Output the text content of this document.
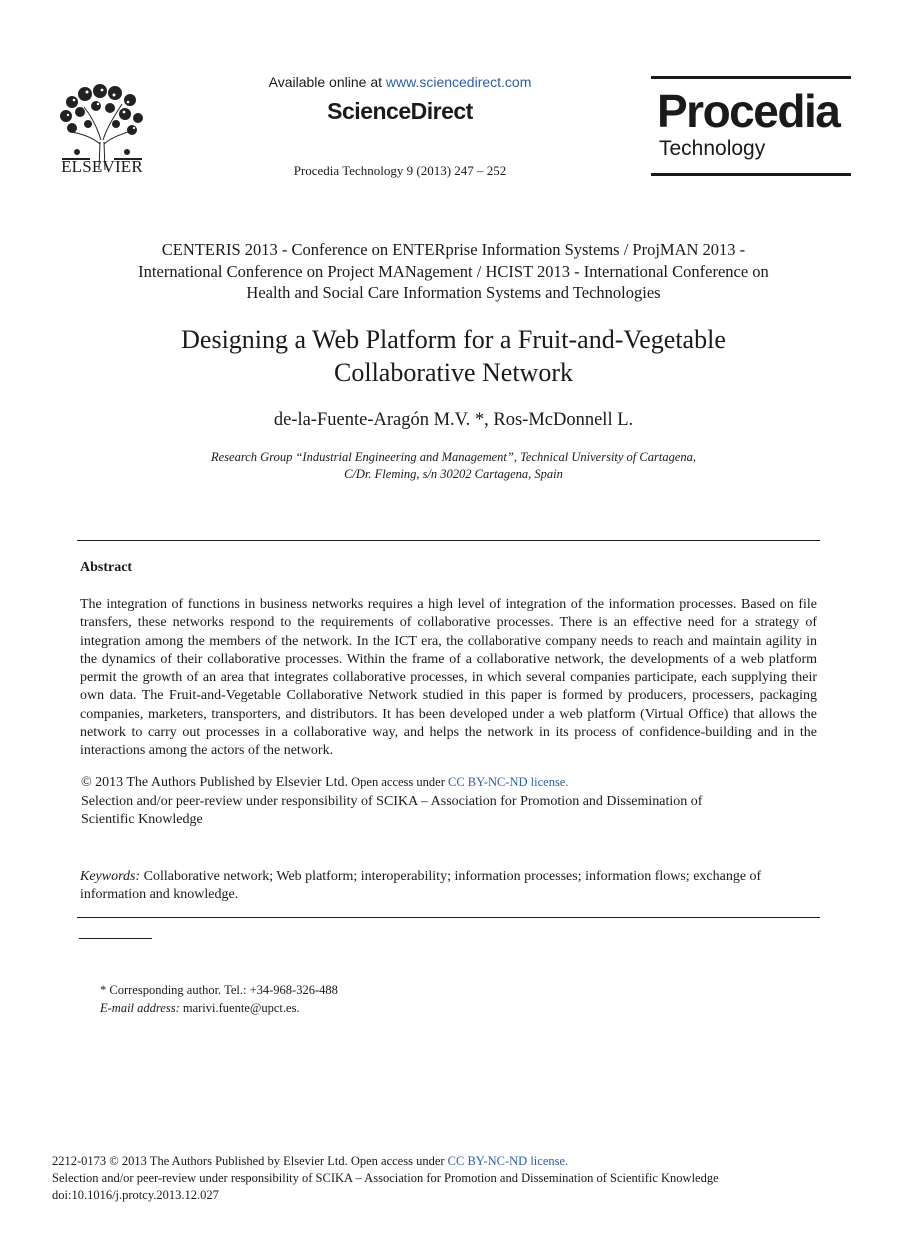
ELSEVIER
Available online at www.sciencedirect.com
ScienceDirect
Procedia Technology 9 (2013) 247 – 252
Procedia
Technology
CENTERIS 2013 - Conference on ENTERprise Information Systems / ProjMAN 2013 -
International Conference on Project MANagement / HCIST 2013 - International Conference on
Health and Social Care Information Systems and Technologies
Designing a Web Platform for a Fruit-and-Vegetable
Collaborative Network
de-la-Fuente-Aragón M.V. *, Ros-McDonnell L.
Research Group “Industrial Engineering and Management”, Technical University of Cartagena,
C/Dr. Fleming, s/n 30202 Cartagena, Spain
Abstract
The integration of functions in business networks requires a high level of integration of the information processes. Based on file transfers, these networks respond to the requirements of collaborative processes. There is an effective need for a strategy of integration among the members of the network. In the ICT era, the collaborative company needs to reach and maintain agility in the dynamics of their collaborative processes. Within the frame of a collaborative network, the developments of a web platform permit the growth of an area that integrates collaborative processes, in which several companies participate, each supplying their own data. The Fruit-and-Vegetable Collaborative Network studied in this paper is formed by producers, processers, packaging companies, marketers, transporters, and distributors. It has been developed under a web platform (Virtual Office) that allows the network to carry out processes in a collaborative way, and helps the network in its process of confidence-building and in the interactions among the actors of the network.
© 2013 The Authors Published by Elsevier Ltd. Open access under CC BY-NC-ND license.
Selection and/or peer-review under responsibility of SCIKA – Association for Promotion and Dissemination of
Scientific Knowledge
Keywords: Collaborative network; Web platform; interoperability; information processes; information flows; exchange of information and knowledge.
* Corresponding author. Tel.: +34-968-326-488
E-mail address: marivi.fuente@upct.es.
2212-0173 © 2013 The Authors Published by Elsevier Ltd. Open access under CC BY-NC-ND license.
Selection and/or peer-review under responsibility of SCIKA – Association for Promotion and Dissemination of Scientific Knowledge
doi:10.1016/j.protcy.2013.12.027
